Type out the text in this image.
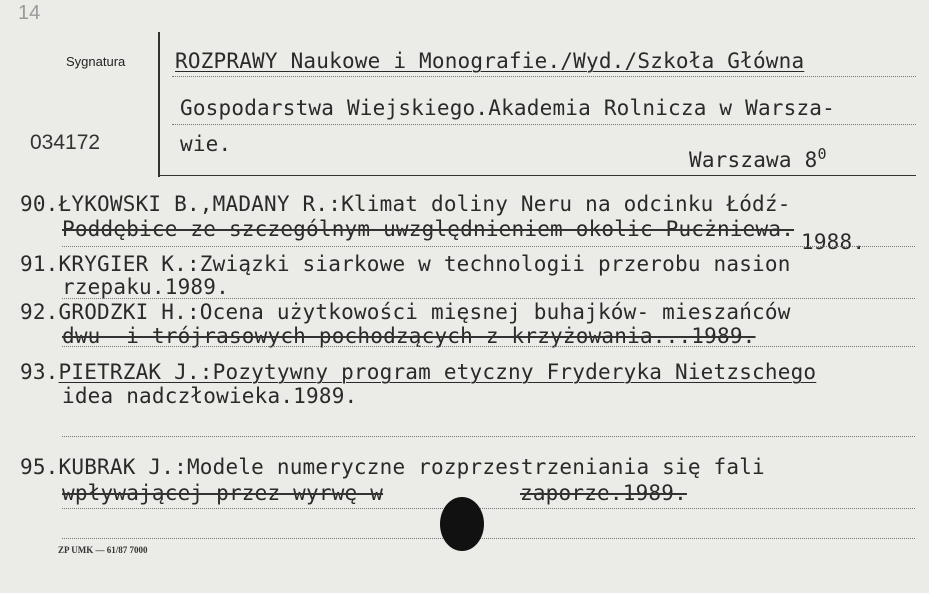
14
Sygnatura
034172
ROZPRAWY Naukowe i Monografie./Wyd./Szkoła Główna
Gospodarstwa Wiejskiego.Akademia Rolnicza w Warsza-
wie.
Warszawa $8^0$
90.ŁYKOWSKI B.,MADANY R.:Klimat doliny Neru na odcinku Łódź-
Poddębice ze szczególnym uwzględnieniem okolic Pucżniewa.
1988.
91.KRYGIER K.:Związki siarkowe w technologii przerobu nasion
rzepaku.1989.
92.GRODZKI H.:Ocena użytkowości mięsnej buhajków- mieszańców
dwu- i trójrasowych pochodzących z krzyżowania...1989.
93.PIETRZAK J.:Pozytywny program etyczny Fryderyka Nietzschego
idea nadczłowieka.1989.
95.KUBRAK J.:Modele numeryczne rozprzestrzeniania się fali
wpływającej przez wyrwę w	zaporze.1989.
ZP UMK — 61/87 7000
